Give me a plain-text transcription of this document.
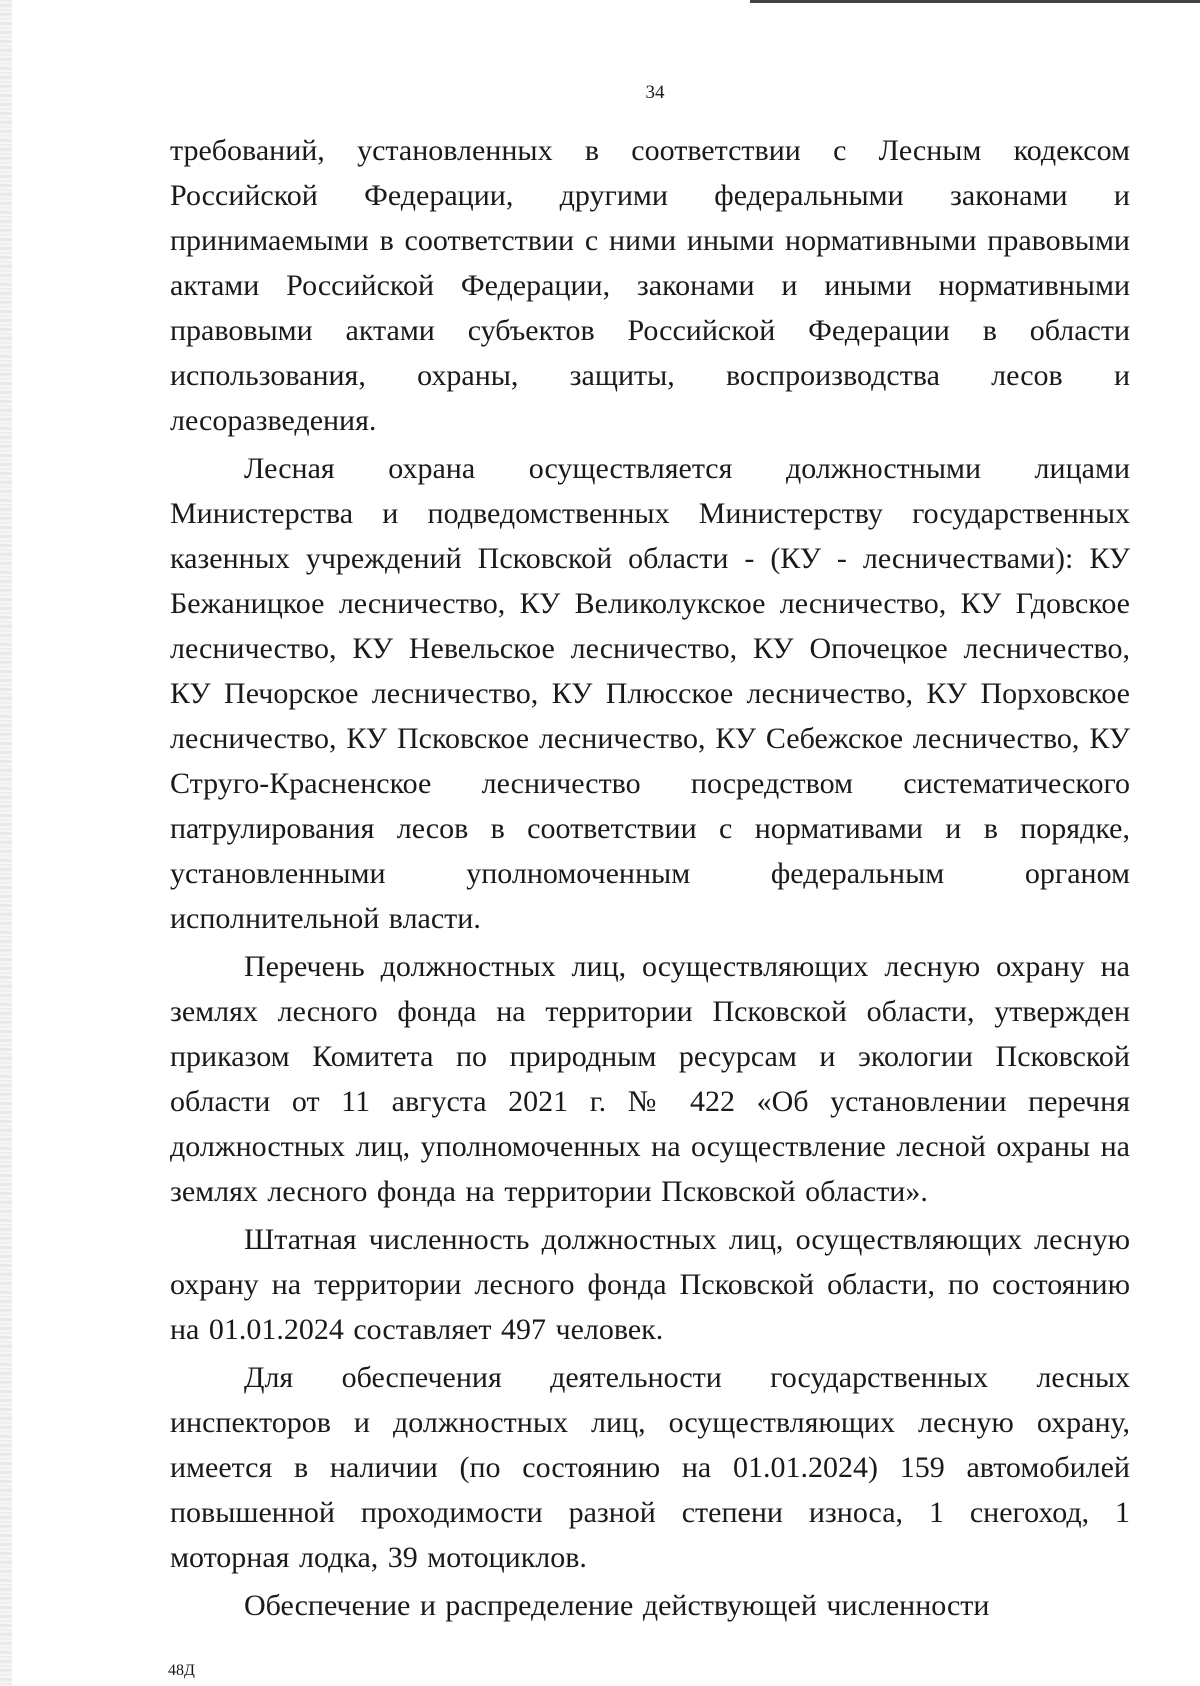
34

требований, установленных в соответствии с Лесным кодексом Российской Федерации, другими федеральными законами и принимаемыми в соответствии с ними иными нормативными правовыми актами Российской Федерации, законами и иными нормативными правовыми актами субъектов Российской Федерации в области использования, охраны, защиты, воспроизводства лесов и лесоразведения.

Лесная охрана осуществляется должностными лицами Министерства и подведомственных Министерству государственных казенных учреждений Псковской области - (КУ - лесничествами): КУ Бежаницкое лесничество, КУ Великолукское лесничество, КУ Гдовское лесничество, КУ Невельское лесничество, КУ Опочецкое лесничество, КУ Печорское лесничество, КУ Плюсское лесничество, КУ Порховское лесничество, КУ Псковское лесничество, КУ Себежское лесничество, КУ Струго-Красненское лесничество посредством систематического патрулирования лесов в соответствии с нормативами и в порядке, установленными уполномоченным федеральным органом исполнительной власти.

Перечень должностных лиц, осуществляющих лесную охрану на землях лесного фонда на территории Псковской области, утвержден приказом Комитета по природным ресурсам и экологии Псковской области от 11 августа 2021 г. № 422 «Об установлении перечня должностных лиц, уполномоченных на осуществление лесной охраны на землях лесного фонда на территории Псковской области».

Штатная численность должностных лиц, осуществляющих лесную охрану на территории лесного фонда Псковской области, по состоянию на 01.01.2024 составляет 497 человек.

Для обеспечения деятельности государственных лесных инспекторов и должностных лиц, осуществляющих лесную охрану, имеется в наличии (по состоянию на 01.01.2024) 159 автомобилей повышенной проходимости разной степени износа, 1 снегоход, 1 моторная лодка, 39 мотоциклов.

Обеспечение и распределение действующей численности

48Д
